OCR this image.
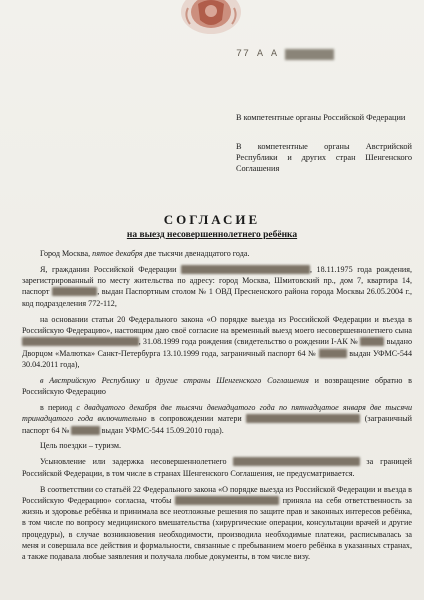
77 А А
В компетентные органы Российской Федерации
В компетентные органы Австрийской Республики и других стран Шенгенского Соглашения
СОГЛАСИЕ
на выезд несовершеннолетнего ребёнка

Город Москва, пятое декабря две тысячи двенадцатого года.

Я, гражданин Российской Федерации	, 18.11.1975 года рождения, зарегистрированный по месту жительства по адресу: город Москва, Шмитовский пр., дом 7, квартира 14, паспорт	, выдан Паспортным столом № 1 ОВД Пресненского района города Москвы 26.05.2004 г., код подразделения 772-112,

на основании статьи 20 Федерального закона «О порядке выезда из Российской Федерации и въезда в Российскую Федерацию», настоящим даю своё согласие на временный выезд моего несовершеннолетнего сына , 31.08.1999 года рождения (свидетельство о рождении I-АК №	выдано Дворцом «Малютка» Санкт-Петербурга 13.10.1999 года, заграничный паспорт 64 №	выдан УФМС-544 30.04.2011 года),

в Австрийскую Республику и другие страны Шенгенского Соглашения и возвращение обратно в Российскую Федерацию

в период с двадцатого декабря две тысячи двенадцатого года по пятнадцатое января две тысячи тринадцатого года включительно в сопровождении матери	(заграничный паспорт 64 №	выдан УФМС-544 15.09.2010 года).

Цель поездки – туризм.

Усыновление или задержка несовершеннолетнего	за границей Российской Федерации, в том числе в странах Шенгенского Соглашения, не предусматривается.

В соответствии со статьёй 22 Федерального закона «О порядке выезда из Российской Федерации и въезда в Российскую Федерацию» согласна, чтобы	приняла на себя ответственность за жизнь и здоровье ребёнка и принимала все неотложные решения по защите прав и законных интересов ребёнка, в том числе по вопросу медицинского вмешательства (хирургические операции, консультации врачей и другие процедуры), в случае возникновения необходимости, производила необходимые платежи, расписывалась за меня и совершала все действия и формальности, связанные с пребыванием моего ребёнка в указанных странах, а также подавала любые заявления и получала любые документы, в том числе визу.
